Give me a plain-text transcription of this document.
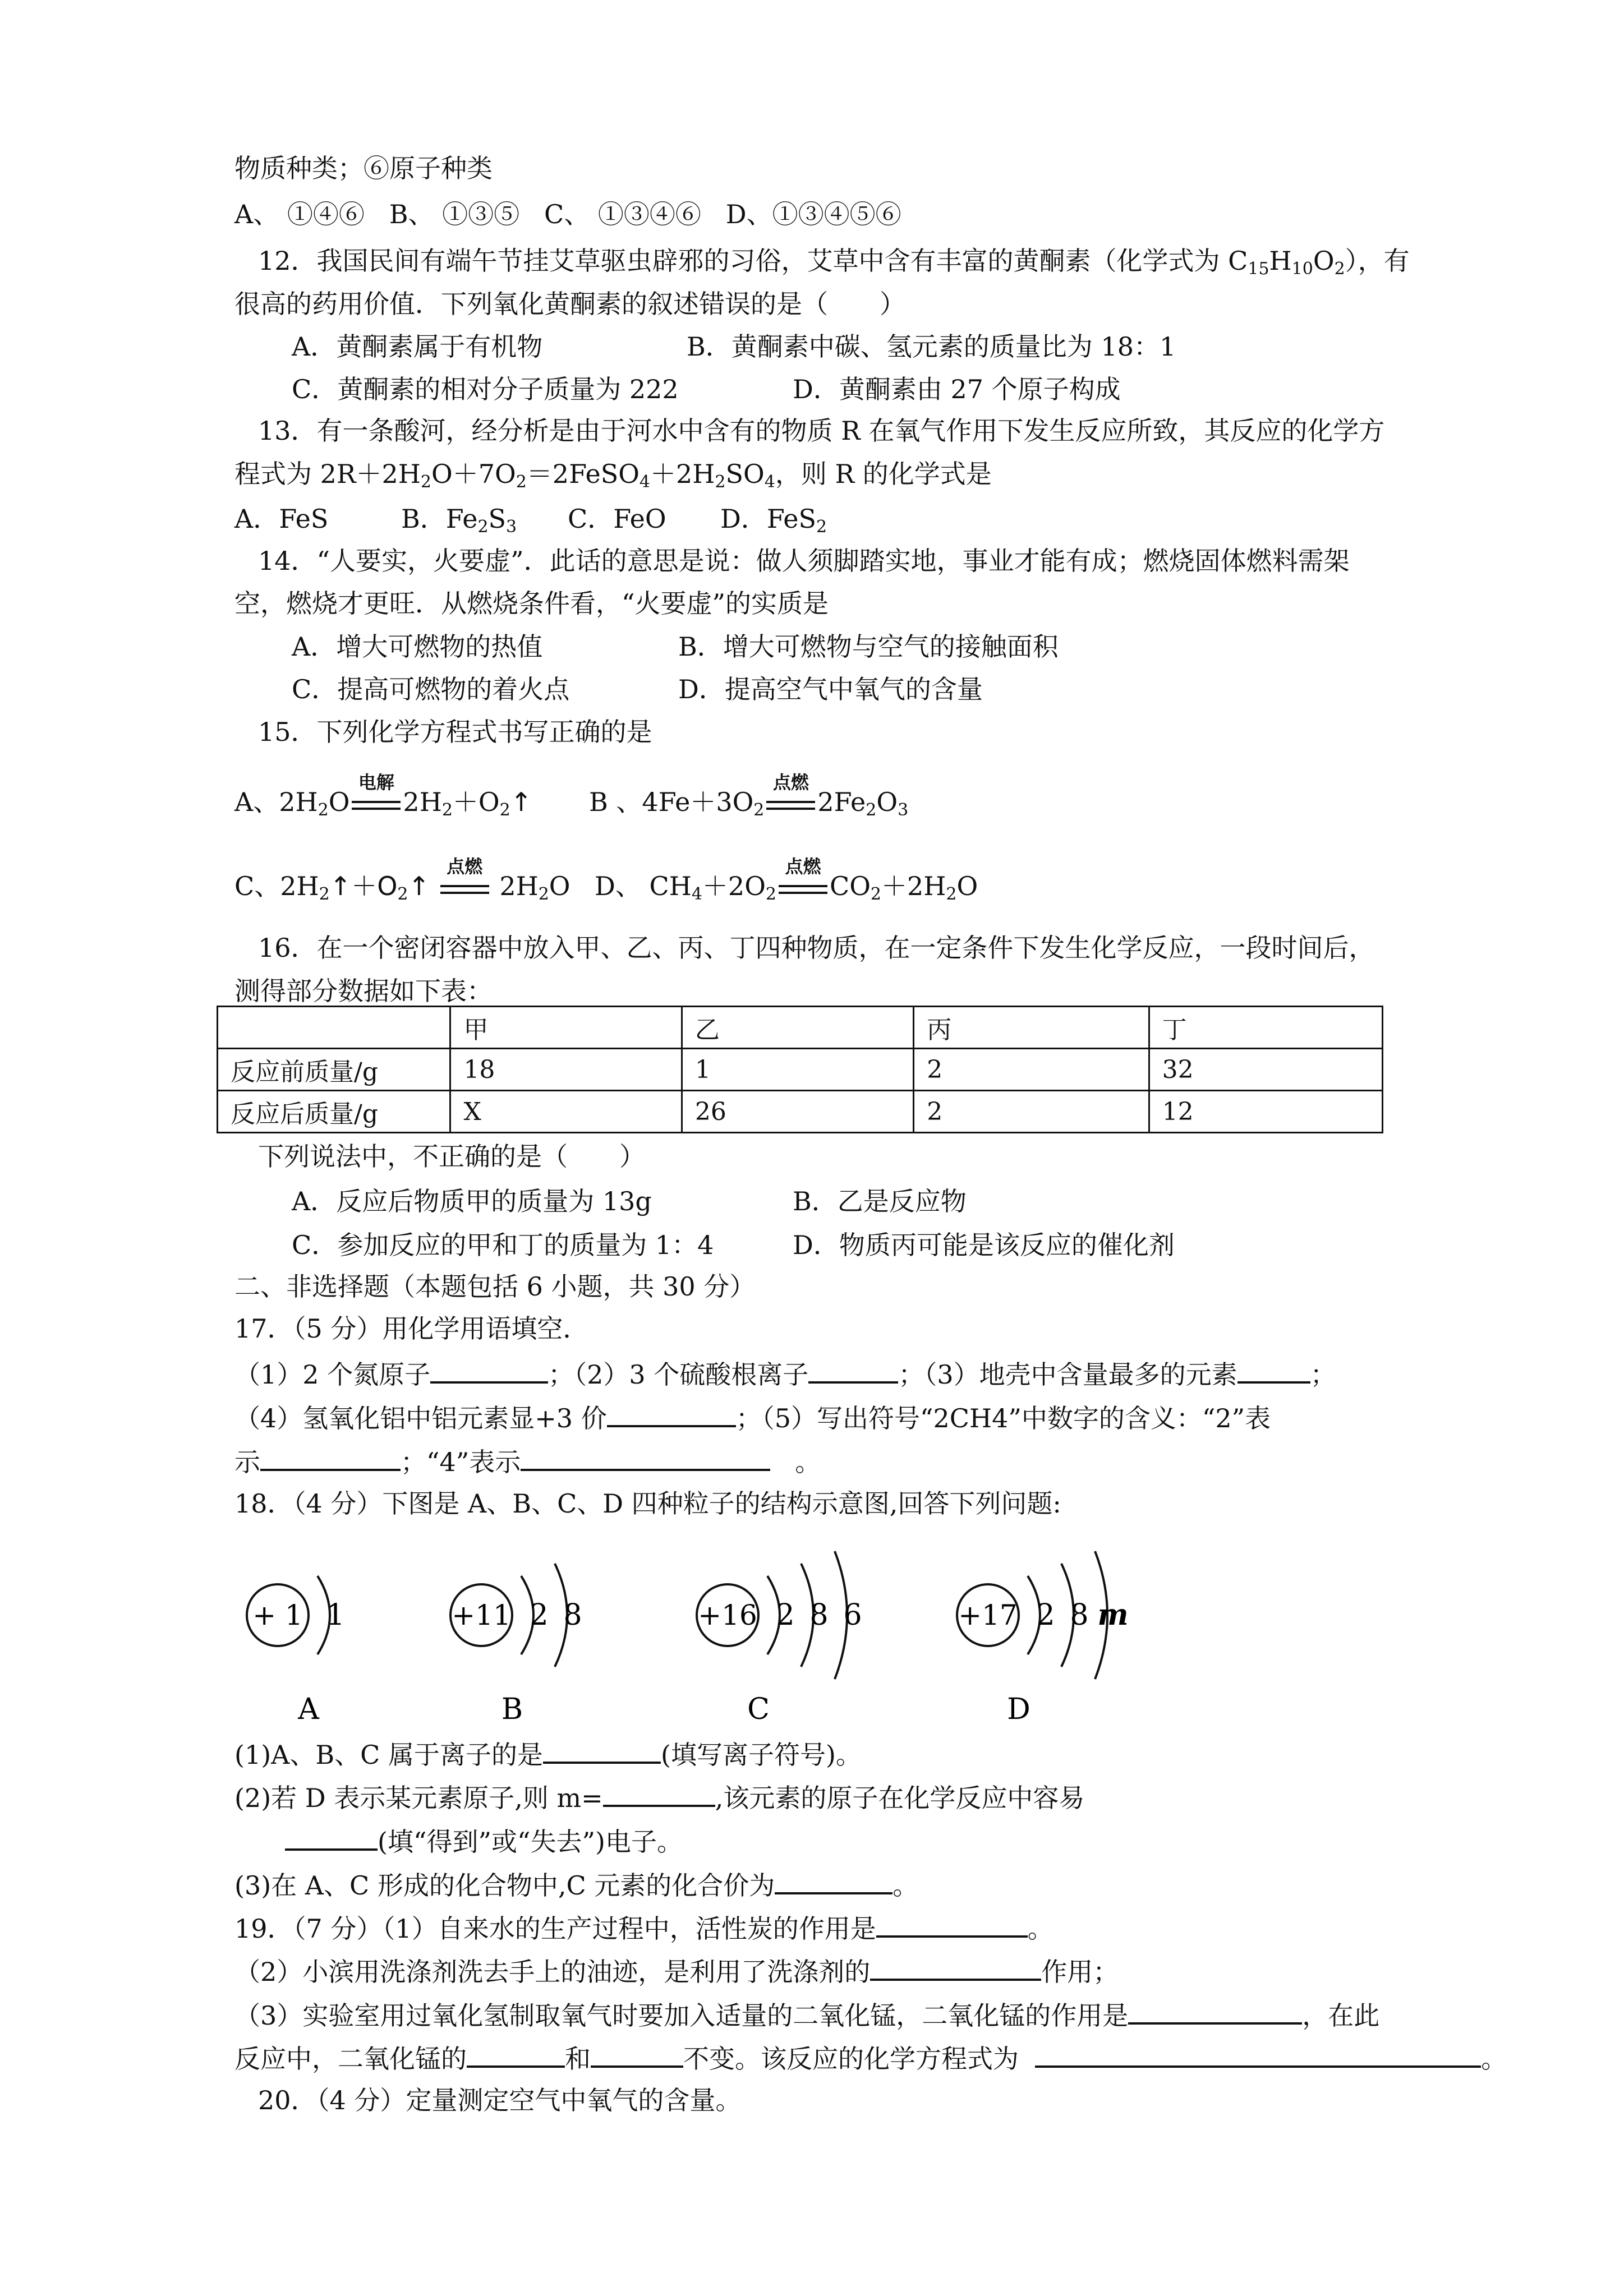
物质种类；⑥原子种类
A、 ①④⑥ B、 ①③⑤ C、 ①③④⑥ D、①③④⑤⑥
12．我国民间有端午节挂艾草驱虫辟邪的习俗，艾草中含有丰富的黄酮素（化学式为 $C_{15}H_{10}O_2$），有
很高的药用价值．下列氧化黄酮素的叙述错误的是（　　）
A．黄酮素属于有机物	B．黄酮素中碳、氢元素的质量比为 18：1
C．黄酮素的相对分子质量为 222	D．黄酮素由 27 个原子构成
13．有一条酸河，经分析是由于河水中含有的物质 R 在氧气作用下发生反应所致，其反应的化学方
程式为 $2R+2H_2O+7O_2=2FeSO_4+2H_2SO_4$，则 R 的化学式是
A．FeS	B．$Fe_2S_3$ C．FeO D．FeS$_2$
14．“人要实，火要虚”．此话的意思是说：做人须脚踏实地，事业才能有成；燃烧固体燃料需架
空，燃烧才更旺．从燃烧条件看，“火要虚”的实质是
A．增大可燃物的热值	B．增大可燃物与空气的接触面积
C．提高可燃物的着火点	D．提高空气中氧气的含量
15．下列化学方程式书写正确的是
A、$2H_2O$
电解
$2H_2+O_2↑$ B 、$4Fe+3O_2$
点燃
$2Fe_2O_3$
C、$2H_2↑+O_2↑$
点燃
$2H_2O$ D、 $CH_4+2O_2$
点燃
$CO_2+2H_2O$
16．在一个密闭容器中放入甲、乙、丙、丁四种物质，在一定条件下发生化学反应，一段时间后，
测得部分数据如下表：
	甲	乙	丙	丁
反应前质量/g	18	1	2	32
反应后质量/g	X	26	2	12
下列说法中，不正确的是（　　）
A．反应后物质甲的质量为 13g	B．乙是反应物
C．参加反应的甲和丁的质量为 1：4	D．物质丙可能是该反应的催化剂
二、非选择题（本题包括 6 小题，共 30 分）
17．（5 分）用化学用语填空．
（1）2 个氮原子	；（2）3 个硫酸根离子	；（3）地壳中含量最多的元素	；
（4）氢氧化铝中铝元素显+3 价	；（5）写出符号“2CH4”中数字的含义：“2”表
示	；“4”表示	。
18．（4 分）下图是 A、B、C、D 四种粒子的结构示意图,回答下列问题:
+ 1 1
A
+11 2 8
B
+16 2 8 6
C
+17 2 8 m
D
(1)A、B、C 属于离子的是	(填写离子符号)。
(2)若 D 表示某元素原子,则 m=	,该元素的原子在化学反应中容易
(填“得到”或“失去”)电子。
(3)在 A、C 形成的化合物中,C 元素的化合价为	。
19．（7 分）（1）自来水的生产过程中，活性炭的作用是	。
（2）小滨用洗涤剂洗去手上的油迹，是利用了洗涤剂的	作用；
（3）实验室用过氧化氢制取氧气时要加入适量的二氧化锰，二氧化锰的作用是	，在此
反应中，二氧化锰的	和	不变。该反应的化学方程式为	。
20．（4 分）定量测定空气中氧气的含量。
